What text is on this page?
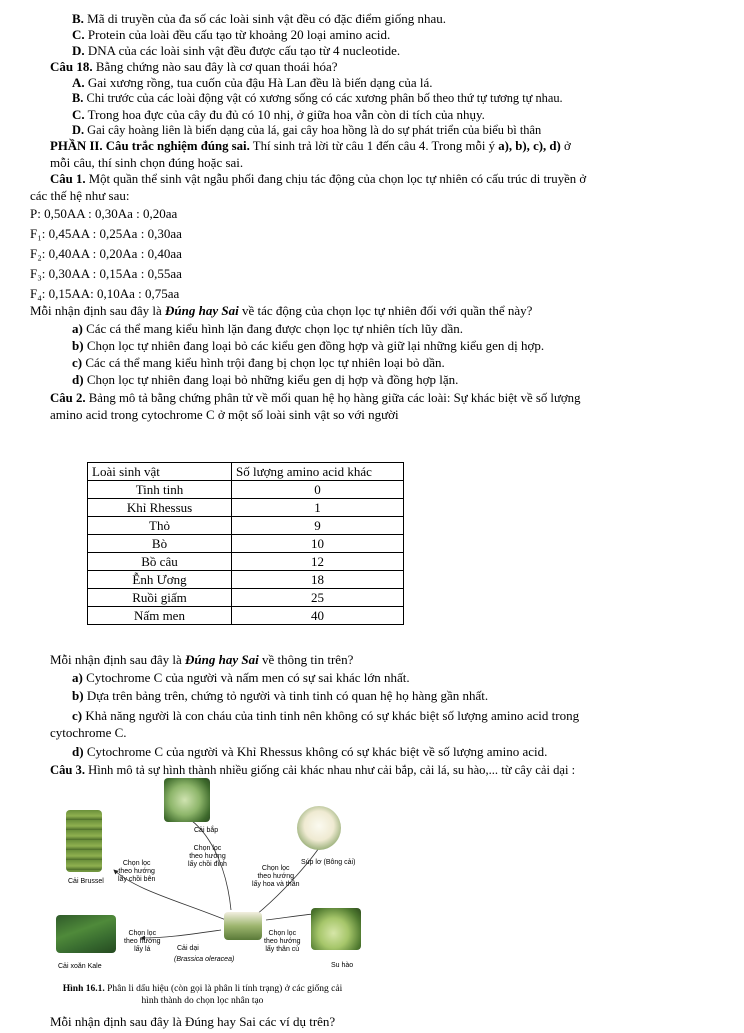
B. Mã di truyền của đa số các loài sinh vật đều có đặc điểm giống nhau.
C. Protein của loài đều cấu tạo từ khoảng 20 loại amino acid.
D. DNA của các loài sinh vật đều được cấu tạo từ 4 nucleotide.
Câu 18. Bằng chứng nào sau đây là cơ quan thoái hóa?
A. Gai xương rồng, tua cuốn của đậu Hà Lan đều là biến dạng của lá.
B. Chi trước của các loài động vật có xương sống có các xương phân bố theo thứ tự tương tự nhau.
C. Trong hoa đực của cây đu đủ có 10 nhị, ở giữa hoa vẫn còn di tích của nhụy.
D. Gai cây hoàng liên là biến dạng của lá, gai cây hoa hồng là do sự phát triển của biểu bì thân
PHẦN II. Câu trắc nghiệm đúng sai. Thí sinh trả lời từ câu 1 đến câu 4. Trong mỗi ý a), b), c), d) ở
mỗi câu, thí sinh chọn đúng hoặc sai.
Câu 1. Một quần thể sinh vật ngẫu phối đang chịu tác động của chọn lọc tự nhiên có cấu trúc di truyền ở
các thế hệ như sau:
P: 0,50AA : 0,30Aa : 0,20aa
F₁: 0,45AA : 0,25Aa : 0,30aa
F₂: 0,40AA : 0,20Aa : 0,40aa
F₃: 0,30AA : 0,15Aa : 0,55aa
F₄: 0,15AA: 0,10Aa : 0,75aa
Mỗi nhận định sau đây là Đúng hay Sai về tác động của chọn lọc tự nhiên đối với quần thể này?
a) Các cá thể mang kiểu hình lặn đang được chọn lọc tự nhiên tích lũy dần.
b) Chọn lọc tự nhiên đang loại bỏ các kiểu gen đồng hợp và giữ lại những kiểu gen dị hợp.
c) Các cá thể mang kiểu hình trội đang bị chọn lọc tự nhiên loại bỏ dần.
d) Chọn lọc tự nhiên đang loại bỏ những kiểu gen dị hợp và đồng hợp lặn.
Câu 2. Bảng mô tả bằng chứng phân tử về mối quan hệ họ hàng giữa các loài: Sự khác biệt về số lượng
amino acid trong cytochrome C ở một số loài sinh vật so với người
Loài sinh vật	Số lượng amino acid khác
Tinh tinh	0
Khỉ Rhessus	1
Thỏ	9
Bò	10
Bồ câu	12
Ễnh Ương	18
Ruồi giấm	25
Nấm men	40
Mỗi nhận định sau đây là Đúng hay Sai về thông tin trên?
a) Cytochrome C của người và nấm men có sự sai khác lớn nhất.
b) Dựa trên bảng trên, chứng tỏ người và tinh tinh có quan hệ họ hàng gần nhất.
c) Khả năng người là con cháu của tinh tinh nên không có sự khác biệt số lượng amino acid trong
cytochrome C.
d) Cytochrome C của người và Khỉ Rhessus không có sự khác biệt về số lượng amino acid.
Câu 3. Hình mô tả sự hình thành nhiều giống cải khác nhau như cải bắp, cải lá, su hào,... từ cây cải dại :
Cải bắp
Súp lơ (Bông cải)
Cải Brussel
Cải xoăn Kale	Su hào
Cải dại
(Brassica oleracea)
Chọn lọc
theo hướng
lấy chồi đỉnh
Chọn lọc
theo hướng
lấy chồi bên
Chọn lọc
theo hướng
lấy hoa và thân
Chọn lọc
theo hướng
lấy lá
Chọn lọc
theo hướng
lấy thân củ
Hình 16.1. Phân li dấu hiệu (còn gọi là phân li tính trạng) ở các giống cải
hình thành do chọn lọc nhân tạo
Mỗi nhận định sau đây là Đúng hay Sai các ví dụ trên?
